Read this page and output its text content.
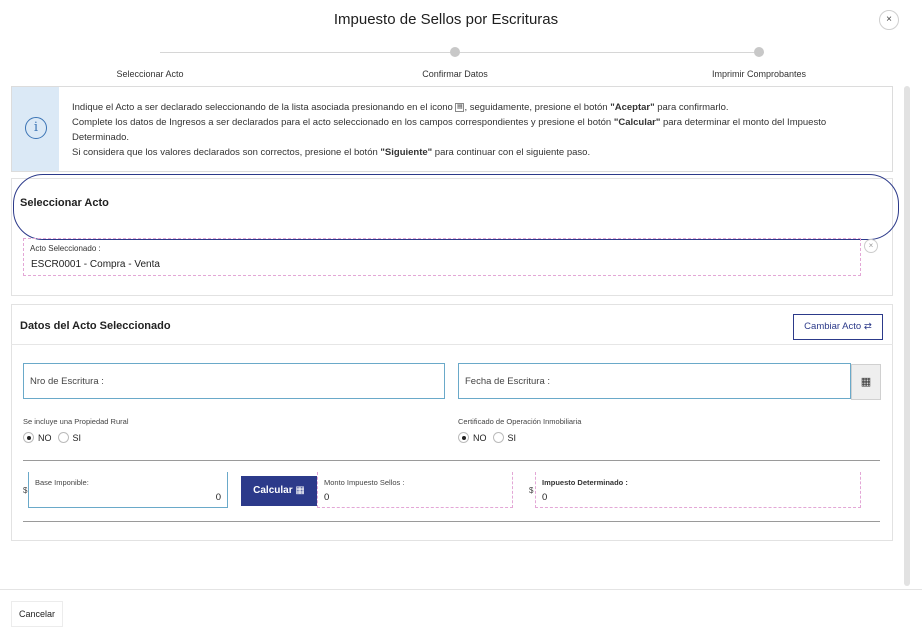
Impuesto de Sellos por Escrituras	×
Seleccionar Acto	Confirmar Datos	Imprimir Comprobantes
i
Indique el Acto a ser declarado seleccionando de la lista asociada presionando en el icono ▤ , seguidamente, presione el botón "Aceptar" para confirmarlo.
Complete los datos de Ingresos a ser declarados para el acto seleccionado en los campos correspondientes y presione el botón "Calcular" para determinar el monto del Impuesto Determinado.
Si considera que los valores declarados son correctos, presione el botón "Siguiente" para continuar con el siguiente paso.
Seleccionar Acto
Acto Seleccionado :
ESCR0001 - Compra - Venta
×
Datos del Acto Seleccionado	Cambiar Acto ⇄
Nro de Escritura :	Fecha de Escritura :	▦
Se incluye una Propiedad Rural
NO SI
Certificado de Operación Inmobiliaria
NO SI
$
Base Imponible:
0
Calcular ▦
Monto Impuesto Sellos :
0
$
Impuesto Determinado :
0
Cancelar
